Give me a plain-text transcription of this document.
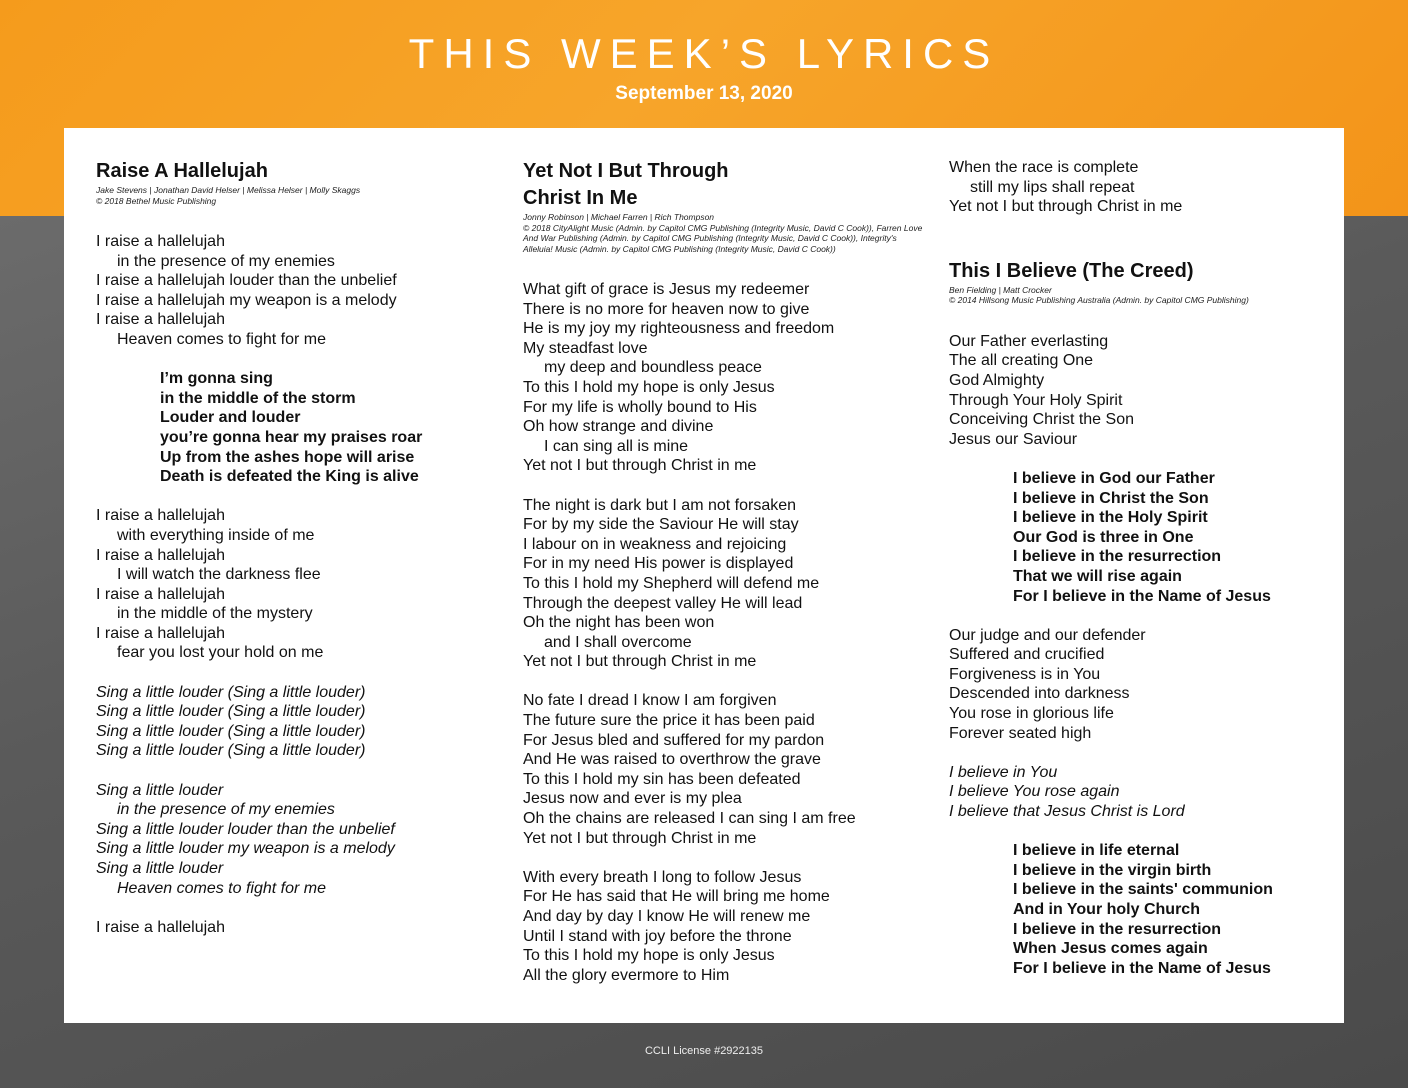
THIS WEEK’S LYRICS
September 13, 2020
Raise A Hallelujah
Jake Stevens | Jonathan David Helser | Melissa Helser | Molly Skaggs
© 2018 Bethel Music Publishing
I raise a hallelujah
in the presence of my enemies
I raise a hallelujah louder than the unbelief
I raise a hallelujah my weapon is a melody
I raise a hallelujah
Heaven comes to fight for me
I’m gonna sing
in the middle of the storm
Louder and louder
you’re gonna hear my praises roar
Up from the ashes hope will arise
Death is defeated the King is alive
I raise a hallelujah
with everything inside of me
I raise a hallelujah
I will watch the darkness flee
I raise a hallelujah
in the middle of the mystery
I raise a hallelujah
fear you lost your hold on me
Sing a little louder (Sing a little louder)
Sing a little louder (Sing a little louder)
Sing a little louder (Sing a little louder)
Sing a little louder (Sing a little louder)
Sing a little louder
in the presence of my enemies
Sing a little louder louder than the unbelief
Sing a little louder my weapon is a melody
Sing a little louder
Heaven comes to fight for me
I raise a hallelujah
Yet Not I But Through
Christ In Me
Jonny Robinson | Michael Farren | Rich Thompson
© 2018 CityAlight Music (Admin. by Capitol CMG Publishing (Integrity Music, David C Cook)), Farren Love And War Publishing (Admin. by Capitol CMG Publishing (Integrity Music, David C Cook)), Integrity's Alleluia! Music (Admin. by Capitol CMG Publishing (Integrity Music, David C Cook))
What gift of grace is Jesus my redeemer
There is no more for heaven now to give
He is my joy my righteousness and freedom
My steadfast love
my deep and boundless peace
To this I hold my hope is only Jesus
For my life is wholly bound to His
Oh how strange and divine
I can sing all is mine
Yet not I but through Christ in me
The night is dark but I am not forsaken
For by my side the Saviour He will stay
I labour on in weakness and rejoicing
For in my need His power is displayed
To this I hold my Shepherd will defend me
Through the deepest valley He will lead
Oh the night has been won
and I shall overcome
Yet not I but through Christ in me
No fate I dread I know I am forgiven
The future sure the price it has been paid
For Jesus bled and suffered for my pardon
And He was raised to overthrow the grave
To this I hold my sin has been defeated
Jesus now and ever is my plea
Oh the chains are released I can sing I am free
Yet not I but through Christ in me
With every breath I long to follow Jesus
For He has said that He will bring me home
And day by day I know He will renew me
Until I stand with joy before the throne
To this I hold my hope is only Jesus
All the glory evermore to Him
When the race is complete
still my lips shall repeat
Yet not I but through Christ in me
This I Believe (The Creed)
Ben Fielding | Matt Crocker
© 2014 Hillsong Music Publishing Australia (Admin. by Capitol CMG Publishing)
Our Father everlasting
The all creating One
God Almighty
Through Your Holy Spirit
Conceiving Christ the Son
Jesus our Saviour
I believe in God our Father
I believe in Christ the Son
I believe in the Holy Spirit
Our God is three in One
I believe in the resurrection
That we will rise again
For I believe in the Name of Jesus
Our judge and our defender
Suffered and crucified
Forgiveness is in You
Descended into darkness
You rose in glorious life
Forever seated high
I believe in You
I believe You rose again
I believe that Jesus Christ is Lord
I believe in life eternal
I believe in the virgin birth
I believe in the saints' communion
And in Your holy Church
I believe in the resurrection
When Jesus comes again
For I believe in the Name of Jesus
CCLI License #2922135
